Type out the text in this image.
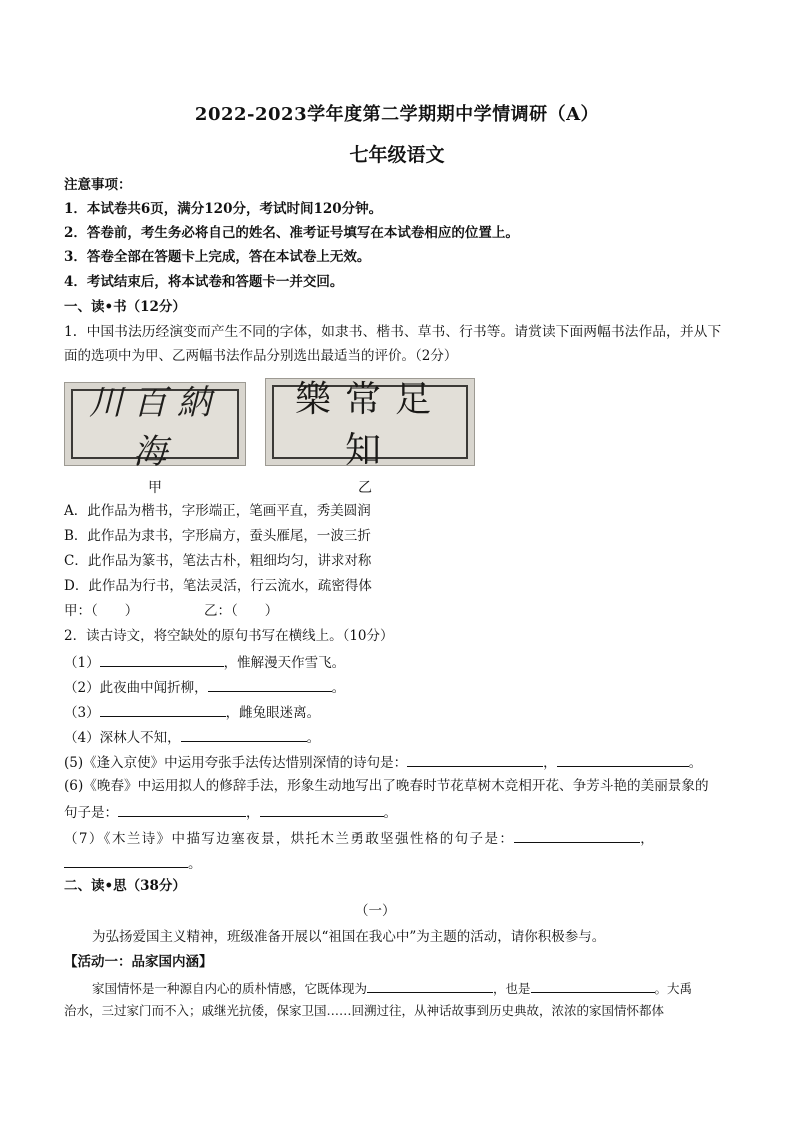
2022-2023学年度第二学期期中学情调研（A）
七年级语文
注意事项：
1．本试卷共6页，满分120分，考试时间120分钟。
2．答卷前，考生务必将自己的姓名、准考证号填写在本试卷相应的位置上。
3．答卷全部在答题卡上完成，答在本试卷上无效。
4．考试结束后，将本试卷和答题卡一并交回。
一、读•书（12分）
1．中国书法历经演变而产生不同的字体，如隶书、楷书、草书、行书等。请赏读下面两幅书法作品，并从下
面的选项中为甲、乙两幅书法作品分别选出最适当的评价。（2分）
川百納海
樂常足知
甲	乙
A．此作品为楷书，字形端正，笔画平直，秀美圆润
B．此作品为隶书，字形扁方，蚕头雁尾，一波三折
C．此作品为篆书，笔法古朴，粗细均匀，讲求对称
D．此作品为行书，笔法灵活，行云流水，疏密得体
甲：（　　）	乙：（　　）
2．读古诗文，将空缺处的原句书写在横线上。（10分）
（1）	，惟解漫天作雪飞。
（2）此夜曲中闻折柳，	。
（3）	，雌兔眼迷离。
（4）深林人不知，	。
(5)《逢入京使》中运用夸张手法传达惜别深情的诗句是：	，	。
(6)《晚春》中运用拟人的修辞手法，形象生动地写出了晚春时节花草树木竞相开花、争芳斗艳的美丽景象的
句子是：	，	。
（7）《木兰诗》中描写边塞夜景，烘托木兰勇敢坚强性格的句子是：	，
。
二、读•思（38分）
（一）
为弘扬爱国主义精神，班级准备开展以“祖国在我心中”为主题的活动，请你积极参与。
【活动一：品家国内涵】
家国情怀是一种源自内心的质朴情感，它既体现为	，也是	。大禹
治水，三过家门而不入；戚继光抗倭，保家卫国……回溯过往，从神话故事到历史典故，浓浓的家国情怀都体
